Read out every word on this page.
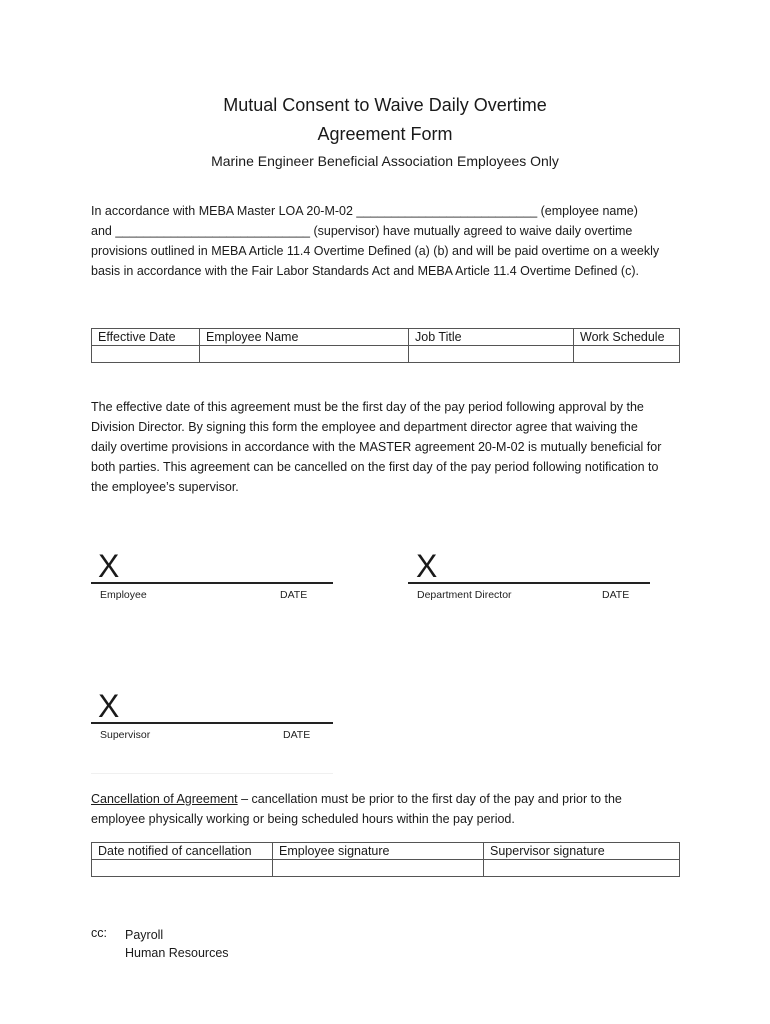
Mutual Consent to Waive Daily Overtime
Agreement Form
Marine Engineer Beneficial Association Employees Only
In accordance with MEBA Master LOA 20-M-02 __________________________ (employee name)
and ____________________________ (supervisor) have mutually agreed to waive daily overtime
provisions outlined in MEBA Article 11.4 Overtime Defined (a) (b) and will be paid overtime on a weekly
basis in accordance with the Fair Labor Standards Act and MEBA Article 11.4 Overtime Defined (c).
Effective Date	Employee Name	Job Title	Work Schedule

The effective date of this agreement must be the first day of the pay period following approval by the
Division Director. By signing this form the employee and department director agree that waiving the
daily overtime provisions in accordance with the MASTER agreement 20-M-02 is mutually beneficial for
both parties. This agreement can be cancelled on the first day of the pay period following notification to
the employee’s supervisor.
X
Employee	DATE
X
Department Director	DATE
X
Supervisor	DATE
Cancellation of Agreement – cancellation must be prior to the first day of the pay and prior to the
employee physically working or being scheduled hours within the pay period.
Date notified of cancellation	Employee signature	Supervisor signature

cc: Payroll
Human Resources
